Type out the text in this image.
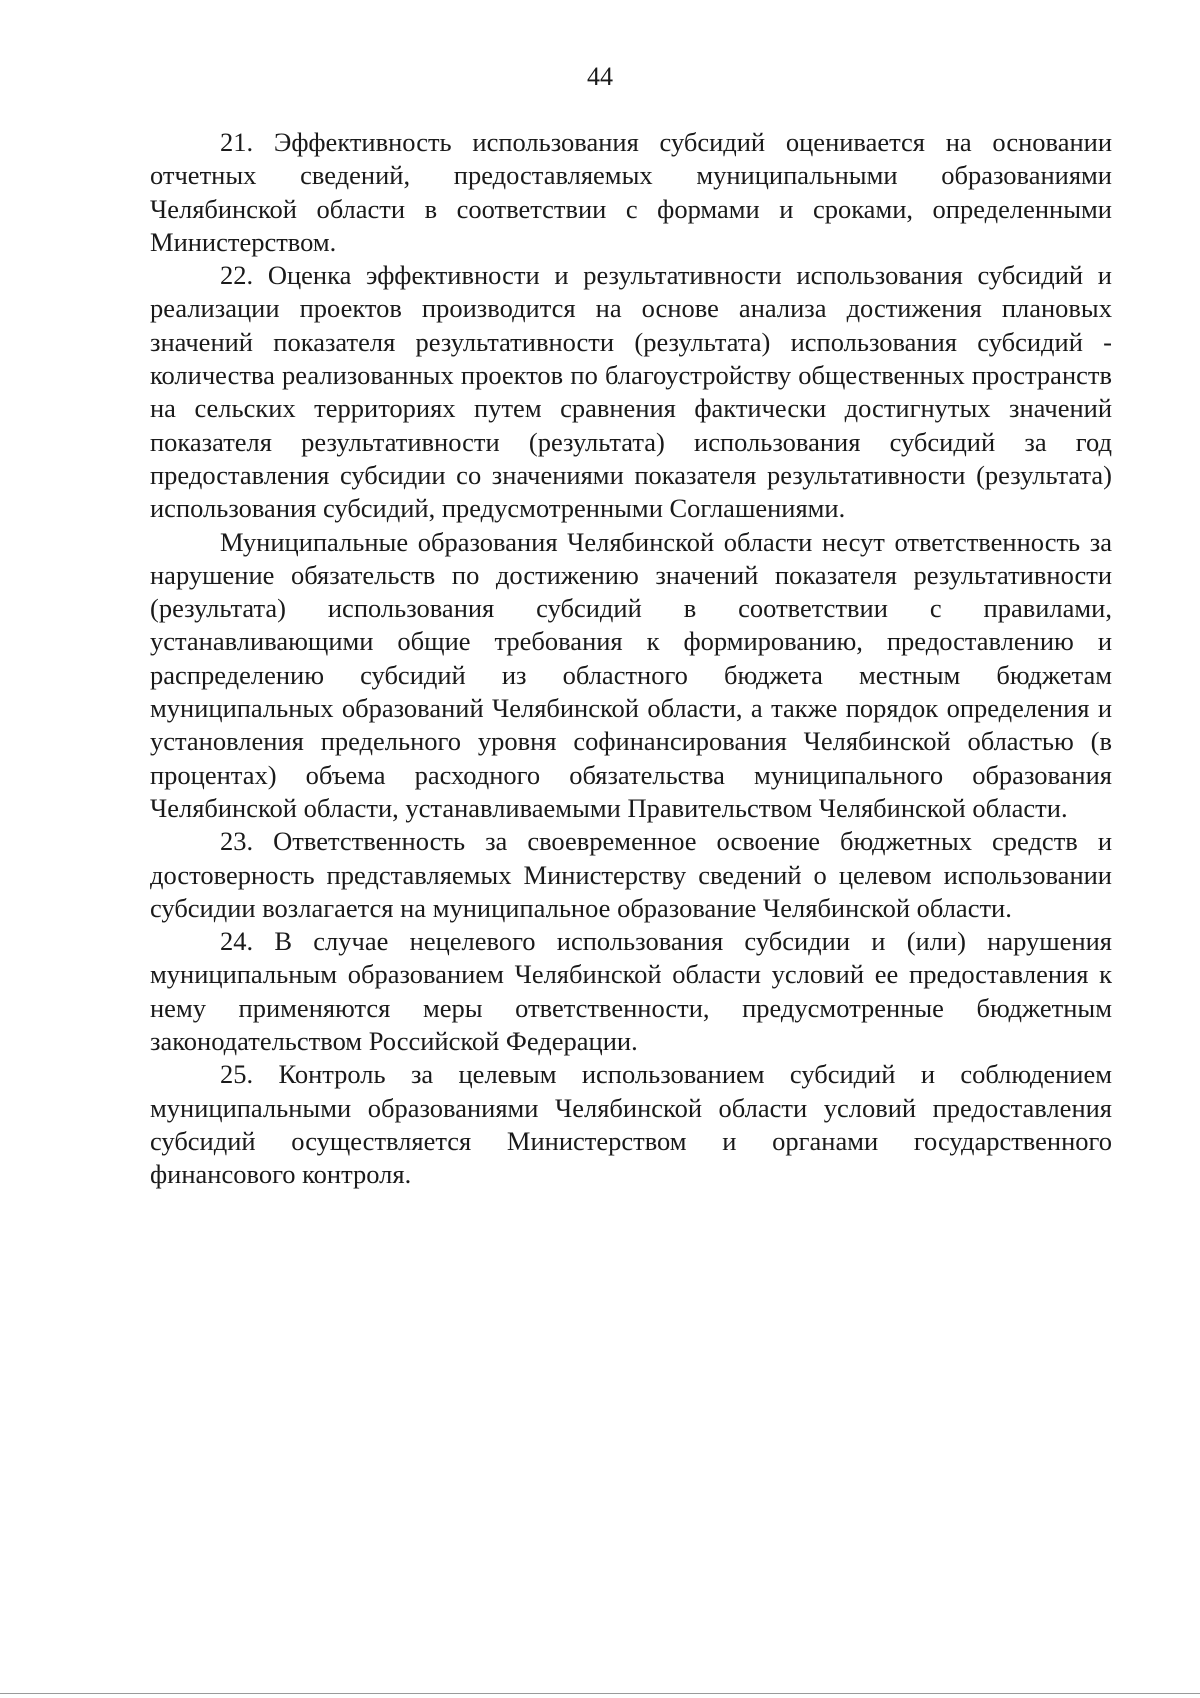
44

21. Эффективность использования субсидий оценивается на основании отчетных сведений, предоставляемых муниципальными образованиями Челябинской области в соответствии с формами и сроками, определенными Министерством.

22. Оценка эффективности и результативности использования субсидий и реализации проектов производится на основе анализа достижения плановых значений показателя результативности (результата) использования субсидий - количества реализованных проектов по благоустройству общественных пространств на сельских территориях путем сравнения фактически достигнутых значений показателя результативности (результата) использования субсидий за год предоставления субсидии со значениями показателя результативности (результата) использования субсидий, предусмотренными Соглашениями.

Муниципальные образования Челябинской области несут ответственность за нарушение обязательств по достижению значений показателя результативности (результата) использования субсидий в соответствии с правилами, устанавливающими общие требования к формированию, предоставлению и распределению субсидий из областного бюджета местным бюджетам муниципальных образований Челябинской области, а также порядок определения и установления предельного уровня софинансирования Челябинской областью (в процентах) объема расходного обязательства муниципального образования Челябинской области, устанавливаемыми Правительством Челябинской области.

23. Ответственность за своевременное освоение бюджетных средств и достоверность представляемых Министерству сведений о целевом использовании субсидии возлагается на муниципальное образование Челябинской области.

24. В случае нецелевого использования субсидии и (или) нарушения муниципальным образованием Челябинской области условий ее предоставления к нему применяются меры ответственности, предусмотренные бюджетным законодательством Российской Федерации.

25. Контроль за целевым использованием субсидий и соблюдением муниципальными образованиями Челябинской области условий предоставления субсидий осуществляется Министерством и органами государственного финансового контроля.
